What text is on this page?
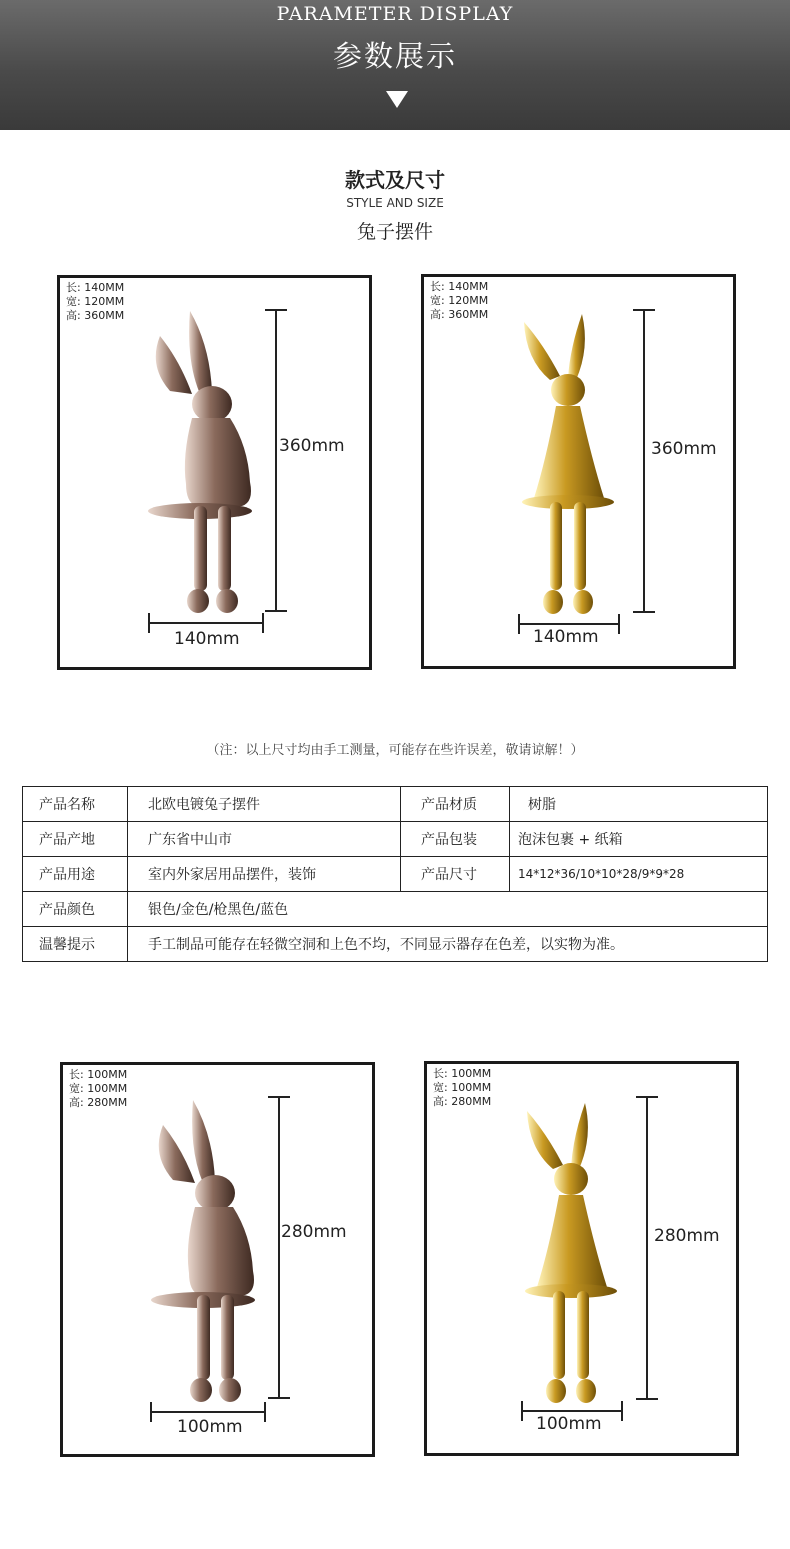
PARAMETER DISPLAY
参数展示
款式及尺寸
STYLE AND SIZE
兔子摆件
长: 140MM
宽: 120MM
高: 360MM
360mm
140mm
长: 140MM
宽: 120MM
高: 360MM
360mm
140mm
（注：以上尺寸均由手工测量，可能存在些许误差，敬请谅解！）
产品名称	北欧电镀兔子摆件	产品材质	树脂
产品产地	广东省中山市	产品包装	泡沫包裹 + 纸箱
产品用途	室内外家居用品摆件，装饰	产品尺寸	14*12*36/10*10*28/9*9*28
产品颜色	银色/金色/枪黑色/蓝色		
温馨提示	手工制品可能存在轻微空洞和上色不均，不同显示器存在色差，以实物为准。		
长: 100MM
宽: 100MM
高: 280MM
280mm
100mm
长: 100MM
宽: 100MM
高: 280MM
280mm
100mm
